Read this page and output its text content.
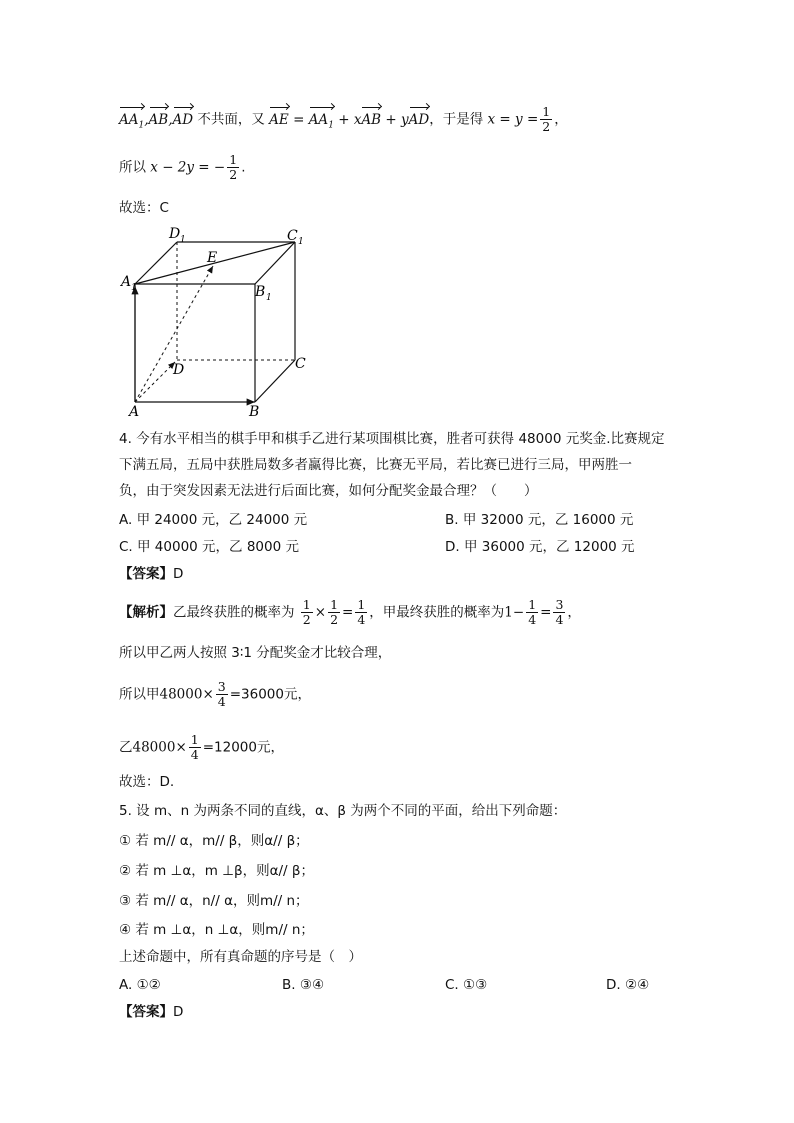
$AA_1,AB,AD$ 不共面，又 AE = $AA_1$ + xAB + yAD，于是得 $x = y = \frac{1}{2}$ ，
所以 x − 2y = − $\frac{1}{2}$ .
故选：C
A	B
C
D
A 1	B 1
C 1
D 1
E
4. 今有水平相当的棋手甲和棋手乙进行某项围棋比赛，胜者可获得 48000 元奖金.比赛规定
下满五局，五局中获胜局数多者赢得比赛，比赛无平局，若比赛已进行三局，甲两胜一
负，由于突发因素无法进行后面比赛，如何分配奖金最合理？（　　）
A. 甲 24000 元，乙 24000 元	B. 甲 32000 元，乙 16000 元
C. 甲 40000 元，乙 8000 元	D. 甲 36000 元，乙 12000 元
【答案】D
【解析】乙最终获胜的概率为 $\frac{1}{2} \times \frac{1}{2} = \frac{1}{4}$ ，甲最终获胜的概率为$1- \frac{1}{4} = \frac{3}{4}$ ，
所以甲乙两人按照 3∶1 分配奖金才比较合理，
所以甲$48000\times \frac{3}{4} =36000$元，
乙$48000\times \frac{1}{4} =12000$元，
故选：D.
5. 设 m、n 为两条不同的直线，α、β 为两个不同的平面，给出下列命题：
① 若 m// α，m// β，则α// β；
② 若 m ⊥α，m ⊥β，则α// β；
③ 若 m// α，n// α，则m// n；
④ 若 m ⊥α，n ⊥α，则m// n；
上述命题中，所有真命题的序号是（　）
A. ①②	B. ③④	C. ①③	D. ②④
【答案】D
